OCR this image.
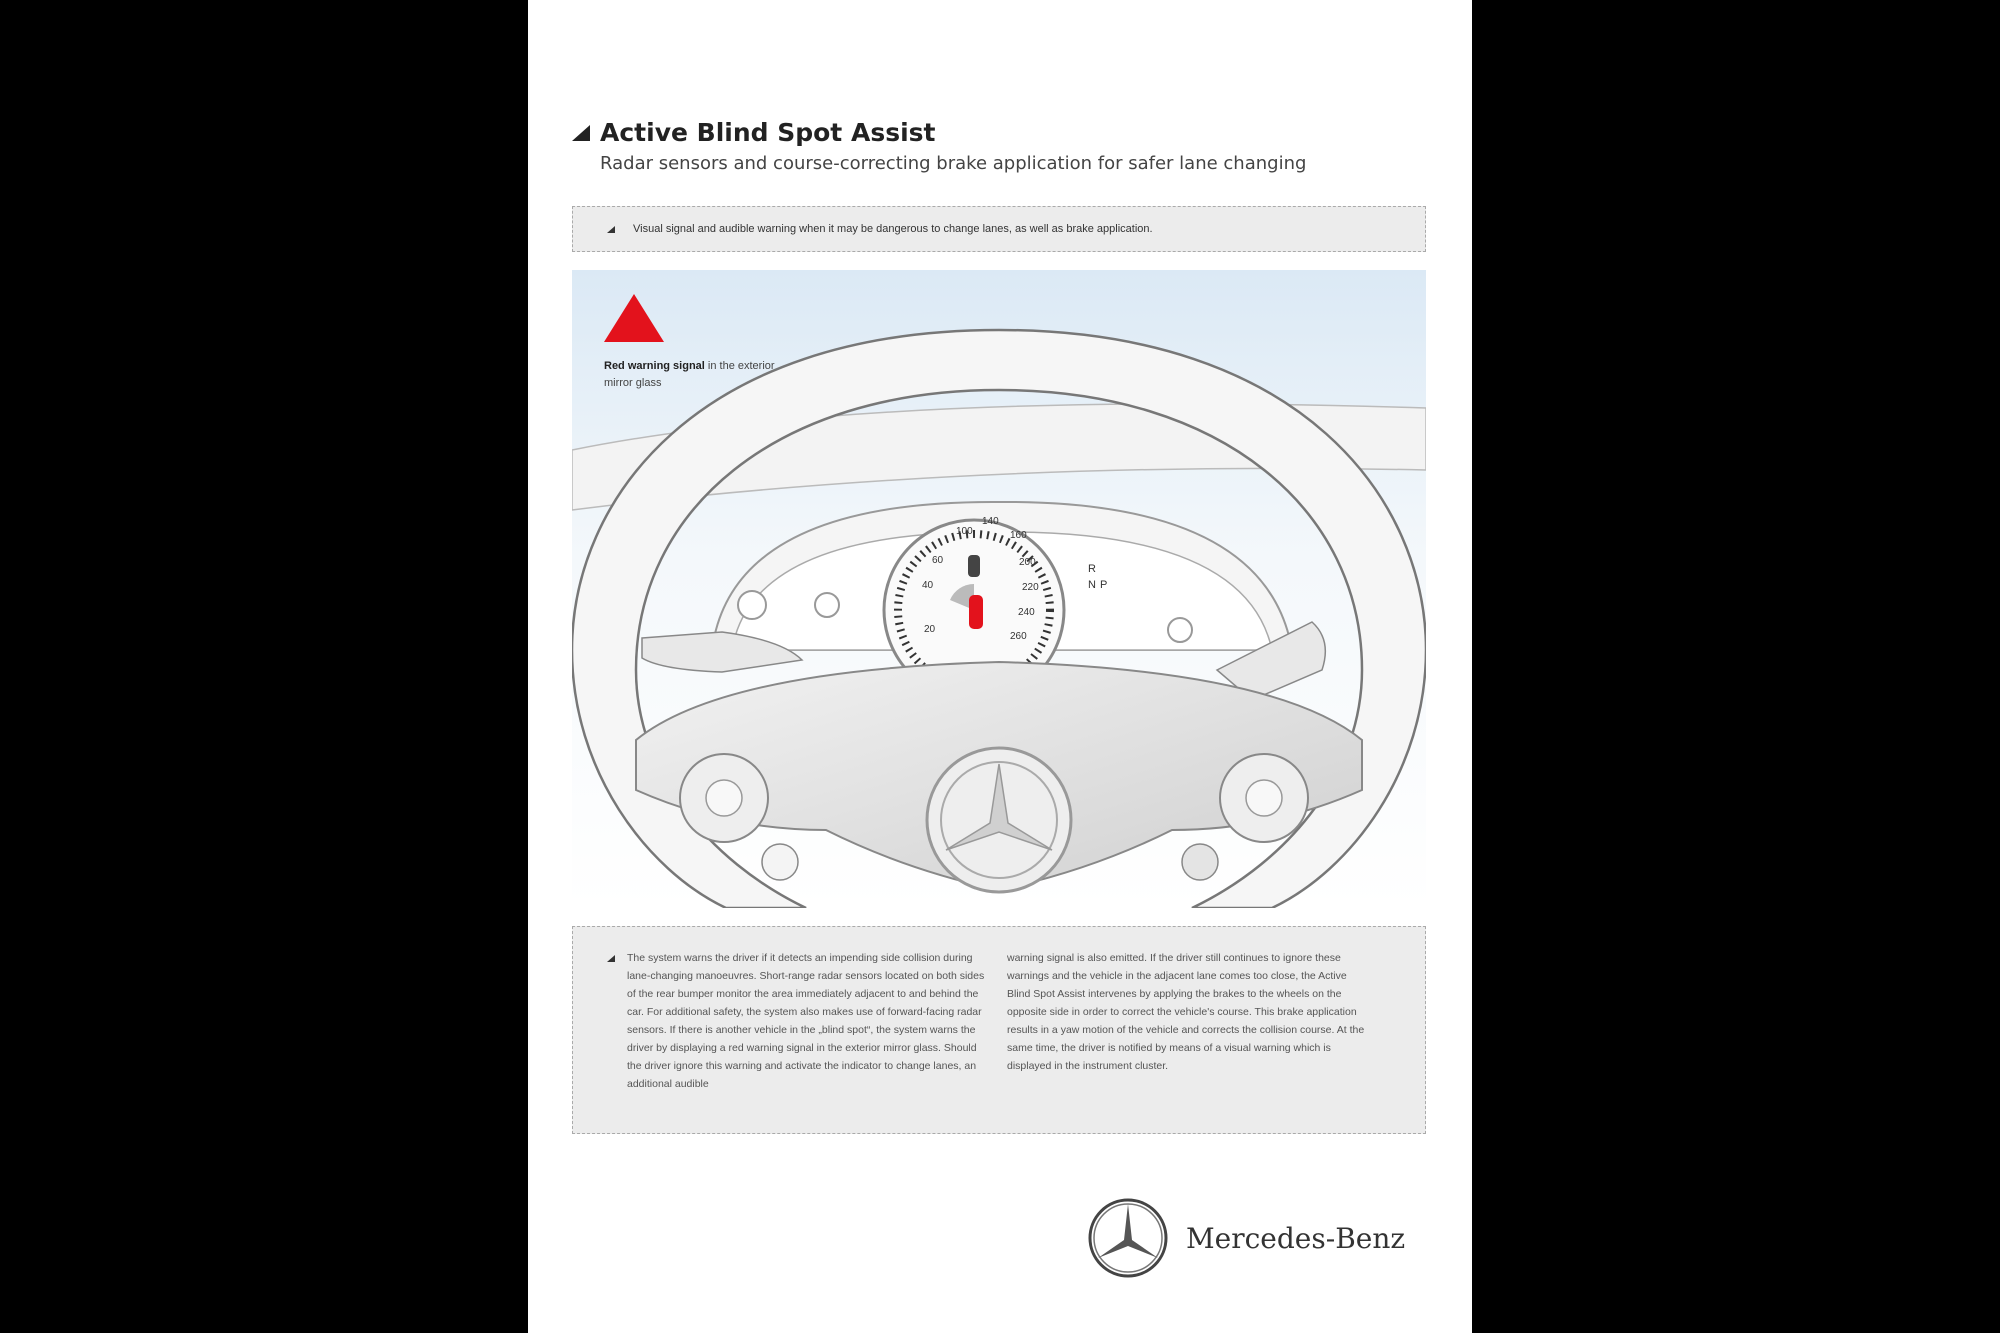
Active Blind Spot Assist
Radar sensors and course-correcting brake application for safer lane changing
Visual signal and audible warning when it may be dangerous to change lanes, as well as brake application.
20
40
60
100
140
160
200
220
240
260
R
N P
Red warning signal in the exterior mirror glass
The system warns the driver if it detects an impending side collision during lane-changing manoeuvres. Short-range radar sensors located on both sides of the rear bumper monitor the area immediately adjacent to and behind the car. For additional safety, the system also makes use of forward-facing radar sensors. If there is another vehicle in the „blind spot“, the system warns the driver by displaying a red warning signal in the exterior mirror glass. Should the driver ignore this warning and activate the indicator to change lanes, an additional audible
warning signal is also emitted. If the driver still continues to ignore these warnings and the vehicle in the adjacent lane comes too close, the Active Blind Spot Assist intervenes by applying the brakes to the wheels on the opposite side in order to correct the vehicle's course. This brake application results in a yaw motion of the vehicle and corrects the collision course. At the same time, the driver is notified by means of a visual warning which is displayed in the instrument cluster.
Mercedes-Benz
